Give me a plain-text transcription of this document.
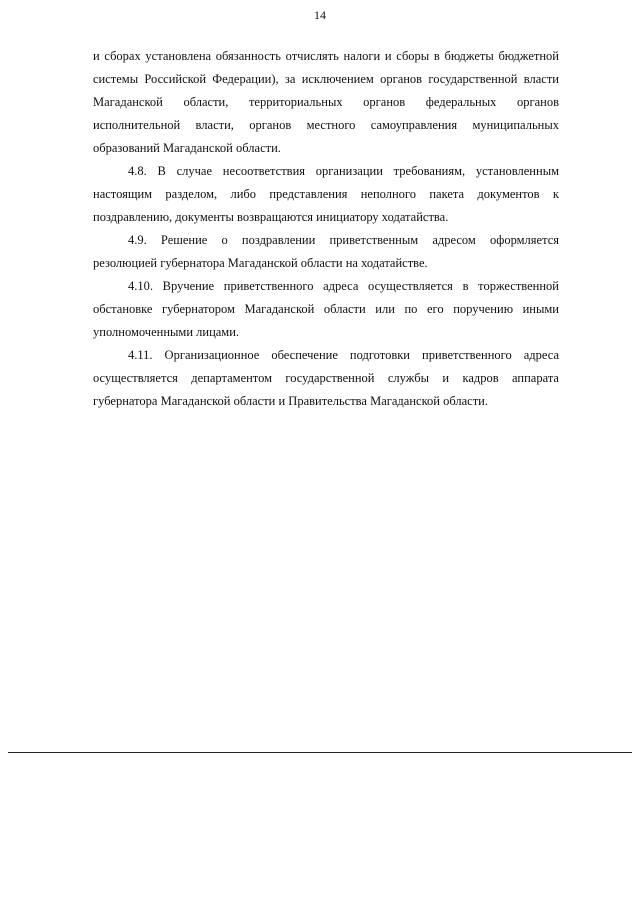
14

и сборах установлена обязанность отчислять налоги и сборы в бюджеты бюджетной системы Российской Федерации), за исключением органов государственной власти Магаданской области, территориальных органов федеральных органов исполнительной власти, органов местного самоуправления муниципальных образований Магаданской области.

4.8. В случае несоответствия организации требованиям, установленным настоящим разделом, либо представления неполного пакета документов к поздравлению, документы возвращаются инициатору ходатайства.

4.9. Решение о поздравлении приветственным адресом оформляется резолюцией губернатора Магаданской области на ходатайстве.

4.10. Вручение приветственного адреса осуществляется в торжественной обстановке губернатором Магаданской области или по его поручению иными уполномоченными лицами.

4.11. Организационное обеспечение подготовки приветственного адреса осуществляется департаментом государственной службы и кадров аппарата губернатора Магаданской области и Правительства Магаданской области.
